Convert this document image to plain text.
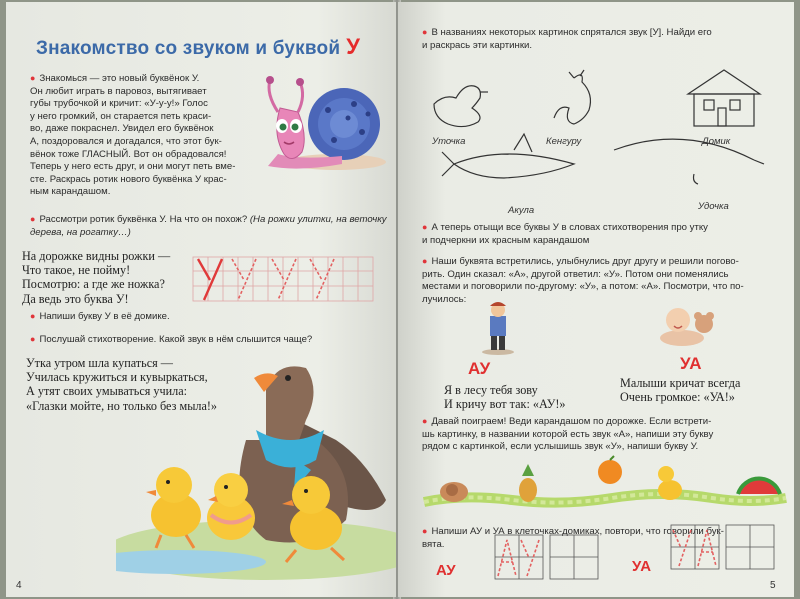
Знакомство со звуком и буквой У
● Знакомься — это новый буквёнок У.
Он любит играть в паровоз, вытягивает
губы трубочкой и кричит: «У-у-у!» Голос
у него громкий, он старается петь краси-
во, даже покраснел. Увидел его буквёнок
А, поздоровался и догадался, что этот бук-
вёнок тоже ГЛАСНЫЙ. Вот он обрадовался!
Теперь у него есть друг, и они могут петь вме-
сте. Раскрась ротик нового буквёнка У крас-
ным карандашом.
● Рассмотри ротик буквёнка У. На что он похож? (На рожки улитки, на веточку дерева, на рогатку…)
На дорожке видны рожки —
Что такое, не пойму!
Посмотрю: а где же ножка?
Да ведь это буква У!
● Напиши букву У в её домике.
● Послушай стихотворение. Какой звук в нём слышится чаще?
Утка утром шла купаться —
Училась кружиться и кувыркаться,
А утят своих умываться учила:
«Глазки мойте, но только без мыла!»
4
● В названиях некоторых картинок спрятался звук [У]. Найди его
и раскрась эти картинки.
Уточка	Кенгуру	Домик
Акула	Удочка
● А теперь отыщи все буквы У в словах стихотворения про утку
и подчеркни их красным карандашом
● Наши буквята встретились, улыбнулись друг другу и решили погово-
рить. Один сказал: «А», другой ответил: «У». Потом они поменялись
местами и поговорили по-другому: «У», а потом: «А». Посмотри, что по-
лучилось:
АУ	УА
Я в лесу тебя зову
И кричу вот так: «АУ!»
Малыши кричат всегда
Очень громкое: «УА!»
● Давай поиграем! Веди карандашом по дорожке. Если встрети-
шь картинку, в названии которой есть звук «А», напиши эту букву
рядом с картинкой, если услышишь звук «У», напиши букву У.
● Напиши АУ и УА в клеточках-домиках, повтори, что говорили бук-
вята.
АУ	УА
5
